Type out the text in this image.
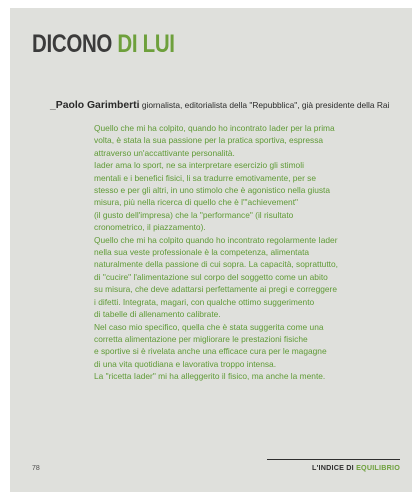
DICONO DI LUI
_Paolo Garimberti giornalista, editorialista della "Repubblica", già presidente della Rai
Quello che mi ha colpito, quando ho incontrato Iader per la prima
volta, è stata la sua passione per la pratica sportiva, espressa
attraverso un'accattivante personalità.
Iader ama lo sport, ne sa interpretare esercizio gli stimoli
mentali e i benefici fisici, li sa tradurre emotivamente, per se
stesso e per gli altri, in uno stimolo che è agonistico nella giusta
misura, più nella ricerca di quello che è l'"achievement"
(il gusto dell'impresa) che la "performance" (il risultato
cronometrico, il piazzamento).
Quello che mi ha colpito quando ho incontrato regolarmente Iader
nella sua veste professionale è la competenza, alimentata
naturalmente della passione di cui sopra. La capacità, soprattutto,
di "cucire" l'alimentazione sul corpo del soggetto come un abito
su misura, che deve adattarsi perfettamente ai pregi e correggere
i difetti. Integrata, magari, con qualche ottimo suggerimento
di tabelle di allenamento calibrate.
Nel caso mio specifico, quella che è stata suggerita come una
corretta alimentazione per migliorare le prestazioni fisiche
e sportive si è rivelata anche una efficace cura per le magagne
di una vita quotidiana e lavorativa troppo intensa.
La "ricetta Iader" mi ha alleggerito il fisico, ma anche la mente.
78	L'INDICE DI EQUILIBRIO
